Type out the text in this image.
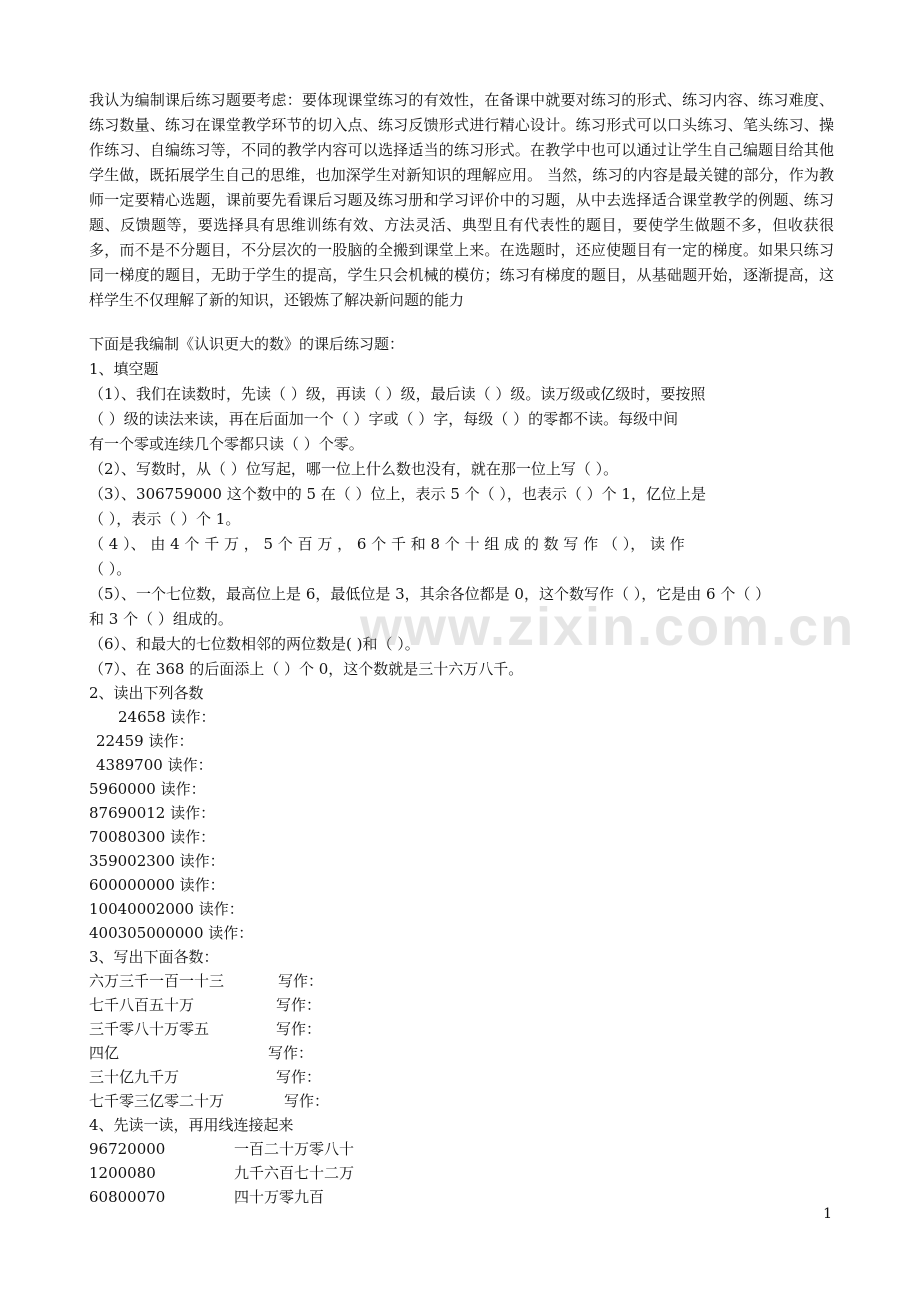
我认为编制课后练习题要考虑：要体现课堂练习的有效性，在备课中就要对练习的形式、练习内容、练习难度、练习数量、练习在课堂教学环节的切入点、练习反馈形式进行精心设计。练习形式可以口头练习、笔头练习、操作练习、自编练习等，不同的教学内容可以选择适当的练习形式。在教学中也可以通过让学生自己编题目给其他学生做，既拓展学生自己的思维，也加深学生对新知识的理解应用。 当然，练习的内容是最关键的部分，作为教师一定要精心选题，课前要先看课后习题及练习册和学习评价中的习题，从中去选择适合课堂教学的例题、练习题、反馈题等，要选择具有思维训练有效、方法灵活、典型且有代表性的题目，要使学生做题不多，但收获很多，而不是不分题目，不分层次的一股脑的全搬到课堂上来。在选题时，还应使题目有一定的梯度。如果只练习同一梯度的题目，无助于学生的提高，学生只会机械的模仿；练习有梯度的题目，从基础题开始，逐渐提高，这样学生不仅理解了新的知识，还锻炼了解决新问题的能力

下面是我编制《认识更大的数》的课后练习题：
1、填空题
（1）、我们在读数时，先读（ ）级，再读（ ）级，最后读（ ）级。读万级或亿级时，要按照
（ ）级的读法来读，再在后面加一个（ ）字或（ ）字，每级（ ）的零都不读。每级中间
有一个零或连续几个零都只读（ ）个零。
（2）、写数时，从（ ）位写起，哪一位上什么数也没有，就在那一位上写（ ）。
（3）、306759000 这个数中的 5 在（ ）位上，表示 5 个（ ），也表示（ ）个 1，亿位上是
（ ），表示（ ）个 1。
（ 4 ）、 由 4 个 千 万 ， 5 个 百 万 ， 6 个 千 和 8 个 十 组 成 的 数 写 作 （ ）， 读 作
（ ）。
（5）、一个七位数，最高位上是 6，最低位是 3，其余各位都是 0，这个数写作（ ），它是由 6 个（ ）
和 3 个（ ）组成的。
（6）、和最大的七位数相邻的两位数是( )和（ ）。
（7）、在 368 的后面添上（ ）个 0，这个数就是三十六万八千。
2、读出下列各数
24658 读作：
22459 读作：
4389700 读作：
5960000 读作：
87690012 读作：
70080300 读作：
359002300 读作：
600000000 读作：
10040002000 读作：
400305000000 读作：
3、写出下面各数：
六万三千一百一十三	写作：
七千八百五十万	写作：
三千零八十万零五	写作：
四亿	写作：
三十亿九千万	写作：
七千零三亿零二十万	写作：
4、先读一读，再用线连接起来
96720000	一百二十万零八十
1200080	九千六百七十二万
60800070	四十万零九百
www.zixin.com.cn
1
